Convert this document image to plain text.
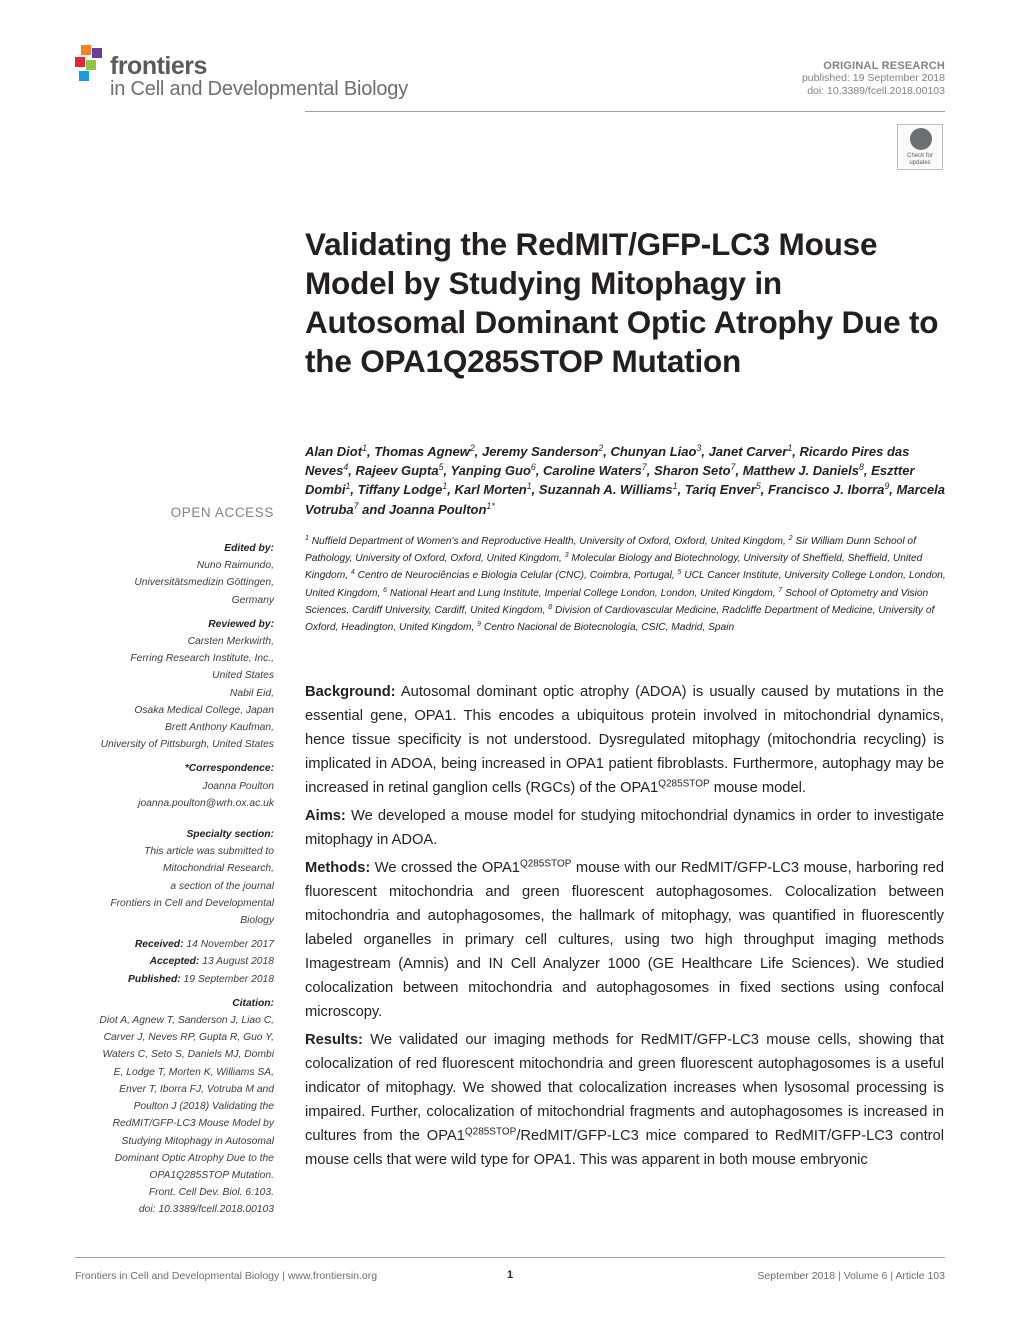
frontiers
in Cell and Developmental Biology
ORIGINAL RESEARCH
published: 19 September 2018
doi: 10.3389/fcell.2018.00103
Check for
updates
Validating the RedMIT/GFP-LC3 Mouse Model by Studying Mitophagy in Autosomal Dominant Optic Atrophy Due to the OPA1Q285STOP Mutation
Alan Diot$^1$, Thomas Agnew$^2$, Jeremy Sanderson$^2$, Chunyan Liao$^3$, Janet Carver$^1$, Ricardo Pires das Neves$^4$, Rajeev Gupta$^5$, Yanping Guo$^6$, Caroline Waters$^7$, Sharon Seto$^7$, Matthew J. Daniels$^8$, Esztter Dombi$^1$, Tiffany Lodge$^1$, Karl Morten$^1$, Suzannah A. Williams$^1$, Tariq Enver$^5$, Francisco J. Iborra$^9$, Marcela Votruba$^7$ and Joanna Poulton$^{1*}$
$^1$ Nuffield Department of Women's and Reproductive Health, University of Oxford, Oxford, United Kingdom, $^2$ Sir William Dunn School of Pathology, University of Oxford, Oxford, United Kingdom, $^3$ Molecular Biology and Biotechnology, University of Sheffield, Sheffield, United Kingdom, $^4$ Centro de Neurociências e Biologia Celular (CNC), Coimbra, Portugal, $^5$ UCL Cancer Institute, University College London, London, United Kingdom, $^6$ National Heart and Lung Institute, Imperial College London, London, United Kingdom, $^7$ School of Optometry and Vision Sciences, Cardiff University, Cardiff, United Kingdom, $^8$ Division of Cardiovascular Medicine, Radcliffe Department of Medicine, University of Oxford, Headington, United Kingdom, $^9$ Centro Nacional de Biotecnología, CSIC, Madrid, Spain

Background: Autosomal dominant optic atrophy (ADOA) is usually caused by mutations in the essential gene, OPA1. This encodes a ubiquitous protein involved in mitochondrial dynamics, hence tissue specificity is not understood. Dysregulated mitophagy (mitochondria recycling) is implicated in ADOA, being increased in OPA1 patient fibroblasts. Furthermore, autophagy may be increased in retinal ganglion cells (RGCs) of the $OPA1^{Q285STOP}$ mouse model.

Aims: We developed a mouse model for studying mitochondrial dynamics in order to investigate mitophagy in ADOA.

Methods: We crossed the $OPA1^{Q285STOP}$ mouse with our RedMIT/GFP-LC3 mouse, harboring red fluorescent mitochondria and green fluorescent autophagosomes. Colocalization between mitochondria and autophagosomes, the hallmark of mitophagy, was quantified in fluorescently labeled organelles in primary cell cultures, using two high throughput imaging methods Imagestream (Amnis) and IN Cell Analyzer 1000 (GE Healthcare Life Sciences). We studied colocalization between mitochondria and autophagosomes in fixed sections using confocal microscopy.

Results: We validated our imaging methods for RedMIT/GFP-LC3 mouse cells, showing that colocalization of red fluorescent mitochondria and green fluorescent autophagosomes is a useful indicator of mitophagy. We showed that colocalization increases when lysosomal processing is impaired. Further, colocalization of mitochondrial fragments and autophagosomes is increased in cultures from the $OPA1^{Q285STOP}/RedMIT/GFP-LC3$ mice compared to RedMIT/GFP-LC3 control mouse cells that were wild type for OPA1. This was apparent in both mouse embryonic

OPEN ACCESS
Edited by:
Nuno Raimundo,
Universitätsmedizin Göttingen,
Germany
Reviewed by:
Carsten Merkwirth,
Ferring Research Institute, Inc.,
United States
Nabil Eid,
Osaka Medical College, Japan
Brett Anthony Kaufman,
University of Pittsburgh, United States
*Correspondence:
Joanna Poulton
joanna.poulton@wrh.ox.ac.uk
Specialty section:
This article was submitted to
Mitochondrial Research,
a section of the journal
Frontiers in Cell and Developmental
Biology
Received: 14 November 2017
Accepted: 13 August 2018
Published: 19 September 2018
Citation:
Diot A, Agnew T, Sanderson J, Liao C,
Carver J, Neves RP, Gupta R, Guo Y,
Waters C, Seto S, Daniels MJ, Dombi
E, Lodge T, Morten K, Williams SA,
Enver T, Iborra FJ, Votruba M and
Poulton J (2018) Validating the
RedMIT/GFP-LC3 Mouse Model by
Studying Mitophagy in Autosomal
Dominant Optic Atrophy Due to the
OPA1Q285STOP Mutation.
Front. Cell Dev. Biol. 6:103.
doi: 10.3389/fcell.2018.00103
Frontiers in Cell and Developmental Biology | www.frontiersin.org	1	September 2018 | Volume 6 | Article 103
